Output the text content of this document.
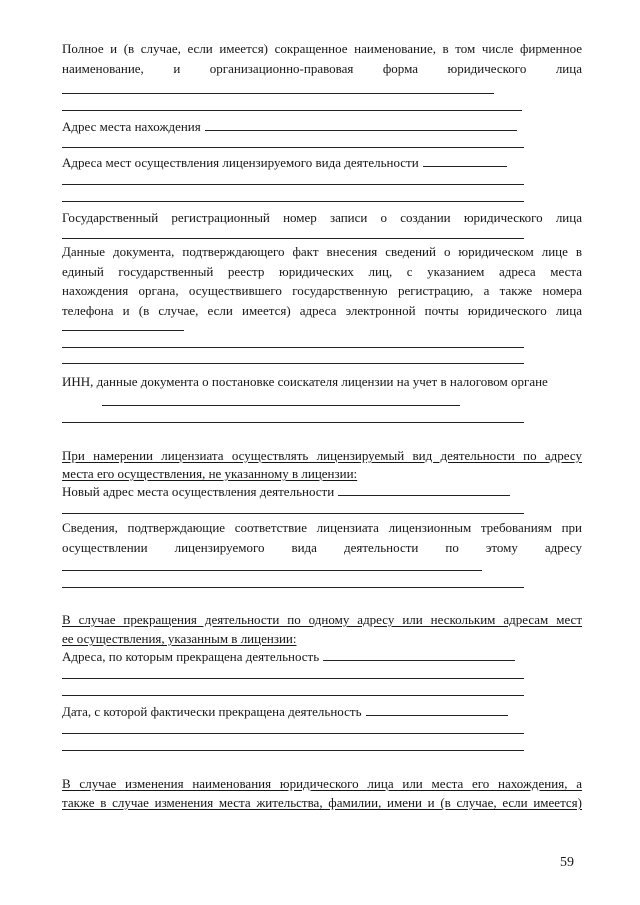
Полное и (в случае, если имеется) сокращенное наименование, в том числе фирменное
наименование, и организационно-правовая форма юридического лица
Адрес места нахождения
Адреса мест осуществления лицензируемого вида деятельности
Государственный регистрационный номер записи о создании юридического лица
Данные документа, подтверждающего факт внесения сведений о юридическом лице в
единый государственный реестр юридических лиц, с указанием адреса места
нахождения органа, осуществившего государственную регистрацию, а также номера
телефона и (в случае, если имеется) адреса электронной почты юридического лица
ИНН, данные документа о постановке соискателя лицензии на учет в налоговом органе
При намерении лицензиата осуществлять лицензируемый вид деятельности по адресу
места его осуществления, не указанному в лицензии:
Новый адрес места осуществления деятельности
Сведения, подтверждающие соответствие лицензиата лицензионным требованиям при
осуществлении лицензируемого вида деятельности по этому адресу
В случае прекращения деятельности по одному адресу или нескольким адресам мест
ее осуществления, указанным в лицензии:
Адреса, по которым прекращена деятельность
Дата, с которой фактически прекращена деятельность
В случае изменения наименования юридического лица или места его нахождения, а
также в случае изменения места жительства, фамилии, имени и (в случае, если имеется)
59
